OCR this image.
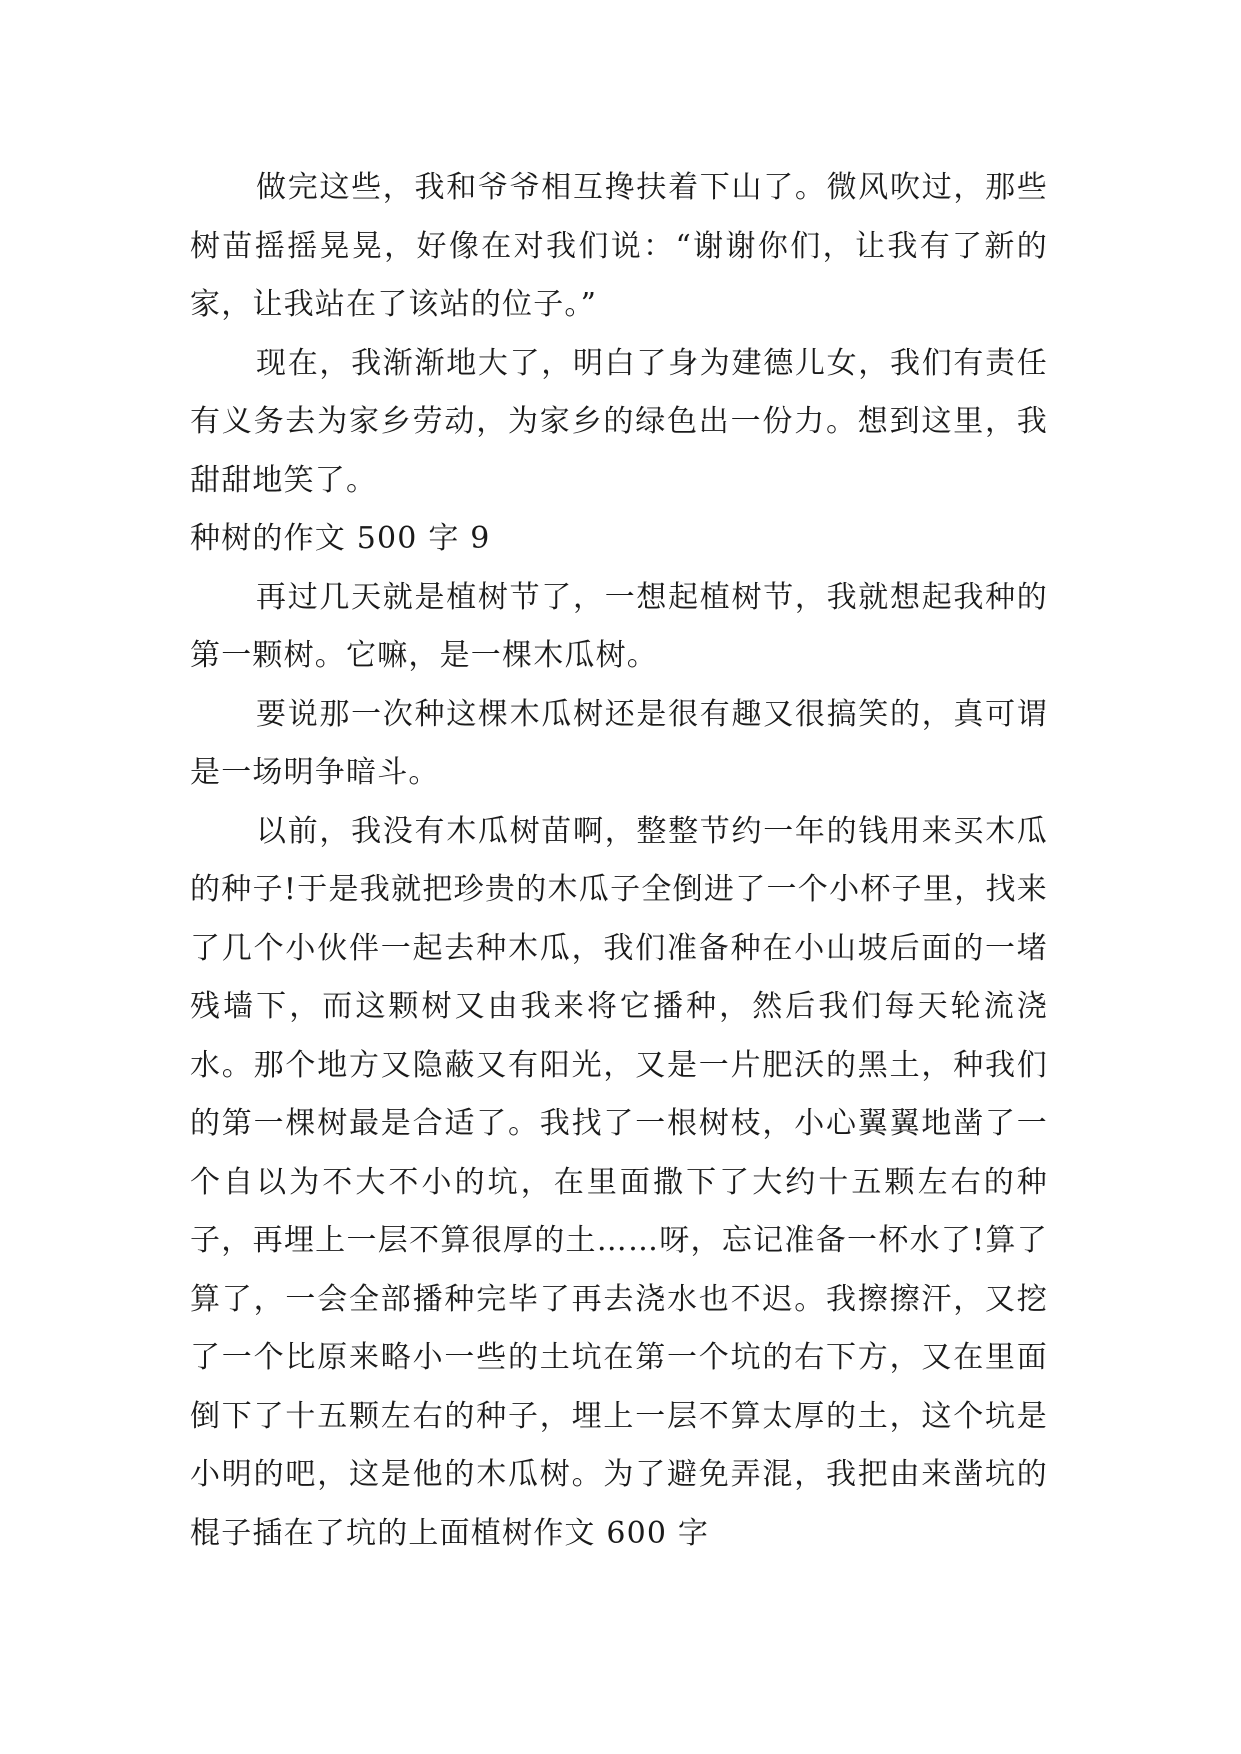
做完这些，我和爷爷相互搀扶着下山了。微风吹过，那些树苗摇摇晃晃，好像在对我们说：“谢谢你们，让我有了新的家，让我站在了该站的位子。”

现在，我渐渐地大了，明白了身为建德儿女，我们有责任有义务去为家乡劳动，为家乡的绿色出一份力。想到这里，我甜甜地笑了。

种树的作文 500 字 9

再过几天就是植树节了，一想起植树节，我就想起我种的第一颗树。它嘛，是一棵木瓜树。

要说那一次种这棵木瓜树还是很有趣又很搞笑的，真可谓是一场明争暗斗。

以前，我没有木瓜树苗啊，整整节约一年的钱用来买木瓜的种子!于是我就把珍贵的木瓜子全倒进了一个小杯子里，找来了几个小伙伴一起去种木瓜，我们准备种在小山坡后面的一堵残墙下，而这颗树又由我来将它播种，然后我们每天轮流浇水。那个地方又隐蔽又有阳光，又是一片肥沃的黑土，种我们的第一棵树最是合适了。我找了一根树枝，小心翼翼地凿了一个自以为不大不小的坑，在里面撒下了大约十五颗左右的种子，再埋上一层不算很厚的土……呀，忘记准备一杯水了!算了算了，一会全部播种完毕了再去浇水也不迟。我擦擦汗，又挖了一个比原来略小一些的土坑在第一个坑的右下方，又在里面倒下了十五颗左右的种子，埋上一层不算太厚的土，这个坑是小明的吧，这是他的木瓜树。为了避免弄混，我把由来凿坑的棍子插在了坑的上面植树作文 600 字
